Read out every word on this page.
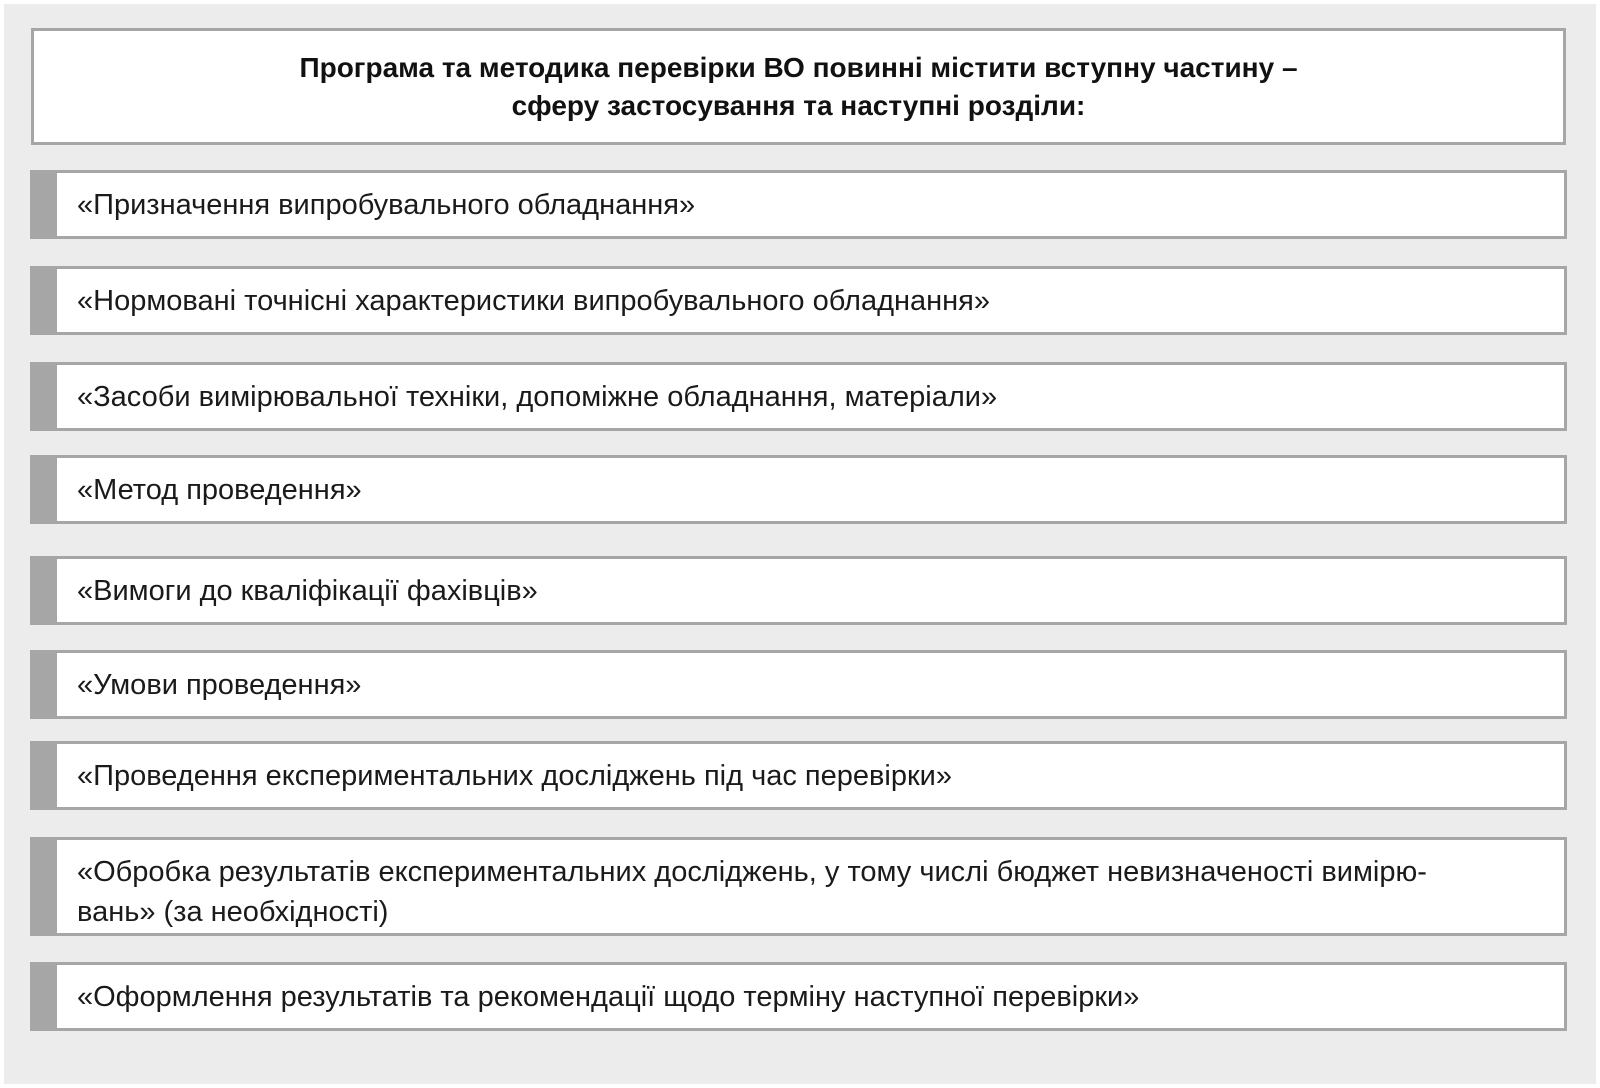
Програма та методика перевірки ВО повинні містити вступну частину –
сферу застосування та наступні розділи:
«Призначення випробувального обладнання»
«Нормовані точнісні характеристики випробувального обладнання»
«Засоби вимірювальної техніки, допоміжне обладнання, матеріали»
«Метод проведення»
«Вимоги до кваліфікації фахівців»
«Умови проведення»
«Проведення експериментальних досліджень під час перевірки»
«Обробка результатів експериментальних досліджень, у тому числі бюджет невизначеності вимірю-
вань» (за необхідності)
«Оформлення результатів та рекомендації щодо терміну наступної перевірки»
